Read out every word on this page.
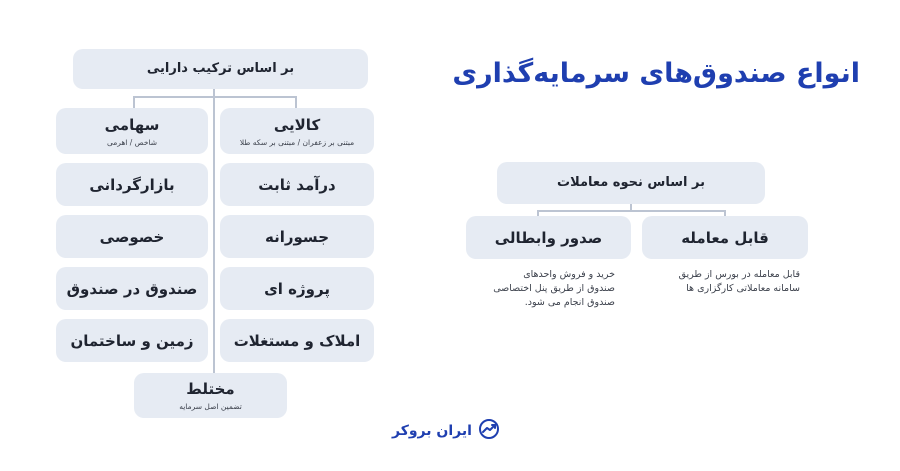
انواع صندوق‌های سرمایه‌گذاری
بر اساس ترکیب دارایی
کالایی
مبتنی بر زعفران / مبتنی بر سکه طلا
درآمد ثابت
جسورانه
پروژه ای
املاک و مستغلات
سهامی
شاخص / اهرمی
بازارگردانی
خصوصی
صندوق در صندوق
زمین و ساختمان
مختلط
تضمین اصل سرمایه
بر اساس نحوه معاملات
قابل معامله
صدور وابطالی
قابل معامله در بورس از طریق
سامانه معاملاتی کارگزاری ها
خرید و فروش واحدهای
صندوق از طریق پنل اختصاصی
صندوق انجام می شود.
ایران بروکر
